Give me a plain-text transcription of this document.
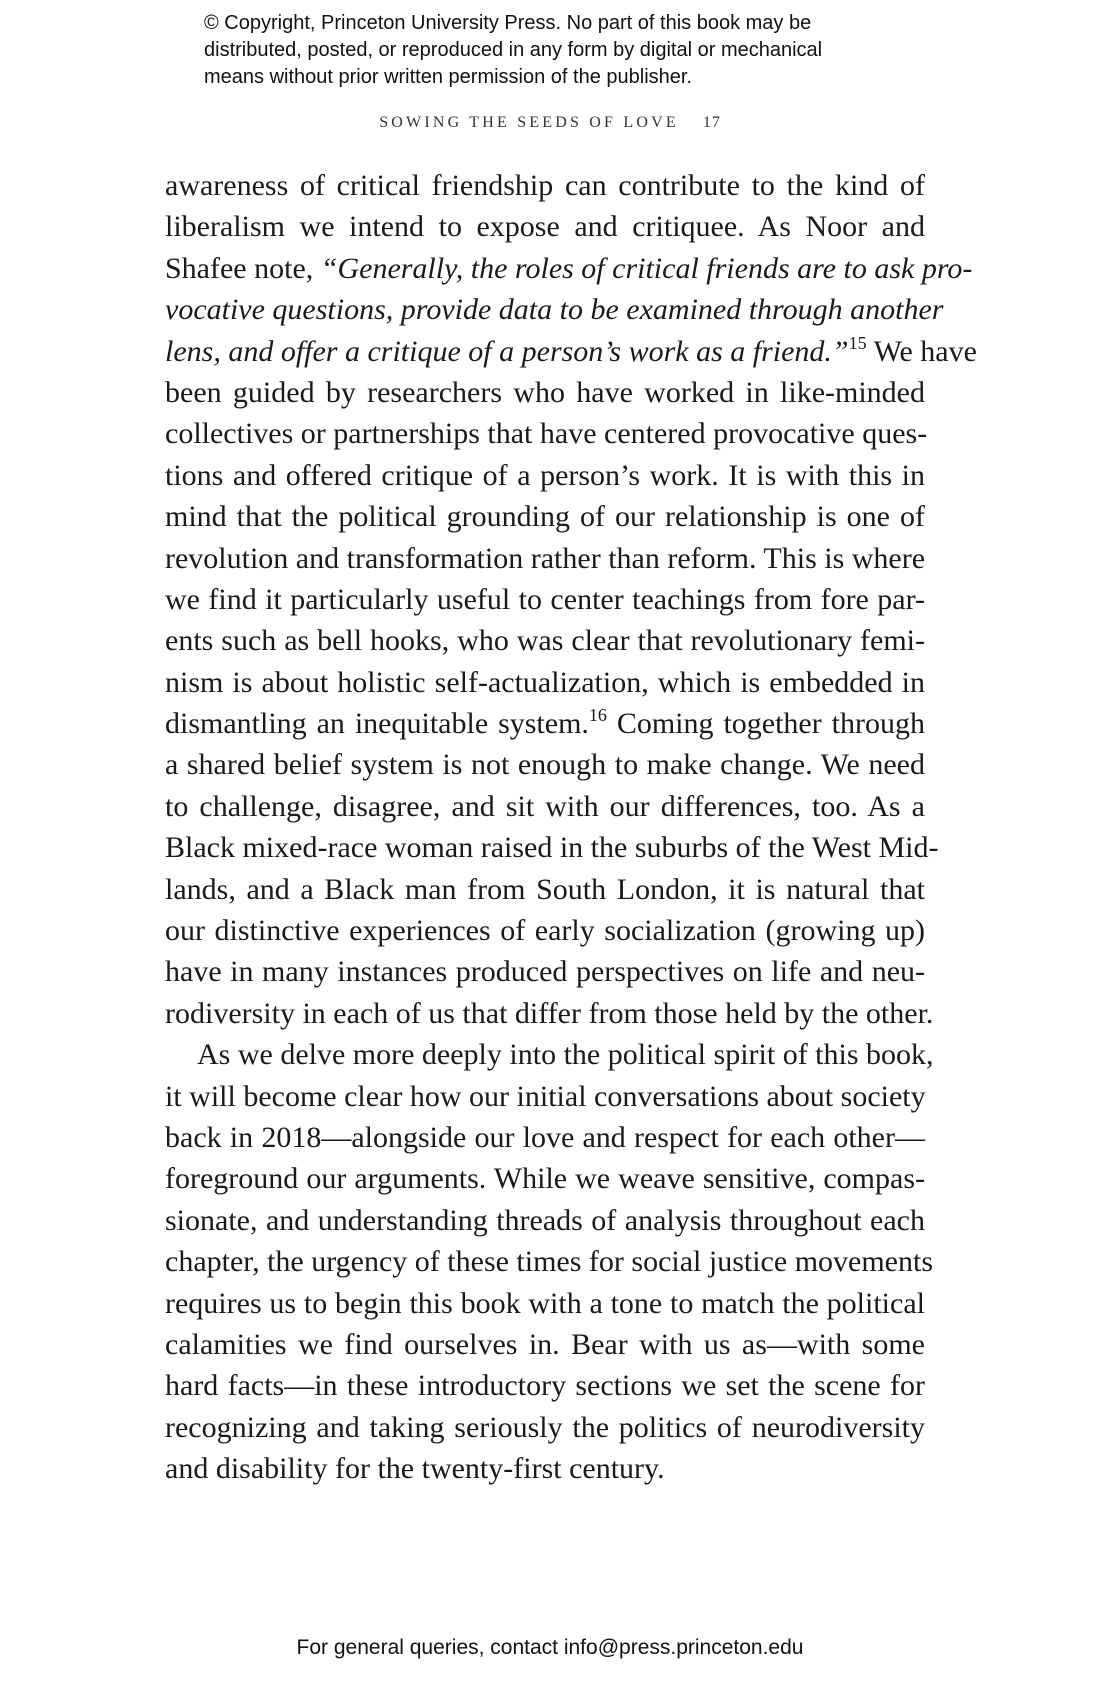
© Copyright, Princeton University Press. No part of this book may be
distributed, posted, or reproduced in any form by digital or mechanical
means without prior written permission of the publisher.
SOWING THE SEEDS OF LOVE 17
awareness of critical friendship can contribute to the kind of
liberalism we intend to expose and critiquee. As Noor and
Shafee note, “Generally, the roles of critical friends are to ask pro-
vocative questions, provide data to be examined through another
lens, and offer a critique of a person’s work as a friend.”$^{15}$ We have
been guided by researchers who have worked in like-minded
collectives or partnerships that have centered provocative ques-
tions and offered critique of a person’s work. It is with this in
mind that the political grounding of our relationship is one of
revolution and transformation rather than reform. This is where
we find it particularly useful to center teachings from fore par-
ents such as bell hooks, who was clear that revolutionary femi-
nism is about holistic self-actualization, which is embedded in
dismantling an inequitable system.$^{16}$ Coming together through
a shared belief system is not enough to make change. We need
to challenge, disagree, and sit with our differences, too. As a
Black mixed-race woman raised in the suburbs of the West Mid-
lands, and a Black man from South London, it is natural that
our distinctive experiences of early socialization (growing up)
have in many instances produced perspectives on life and neu-
rodiversity in each of us that differ from those held by the other.
As we delve more deeply into the political spirit of this book,
it will become clear how our initial conversations about society
back in 2018—alongside our love and respect for each other—
foreground our arguments. While we weave sensitive, compas-
sionate, and understanding threads of analysis throughout each
chapter, the urgency of these times for social justice movements
requires us to begin this book with a tone to match the political
calamities we find ourselves in. Bear with us as—with some
hard facts—in these introductory sections we set the scene for
recognizing and taking seriously the politics of neurodiversity
and disability for the twenty-first century.
For general queries, contact info@press.princeton.edu
